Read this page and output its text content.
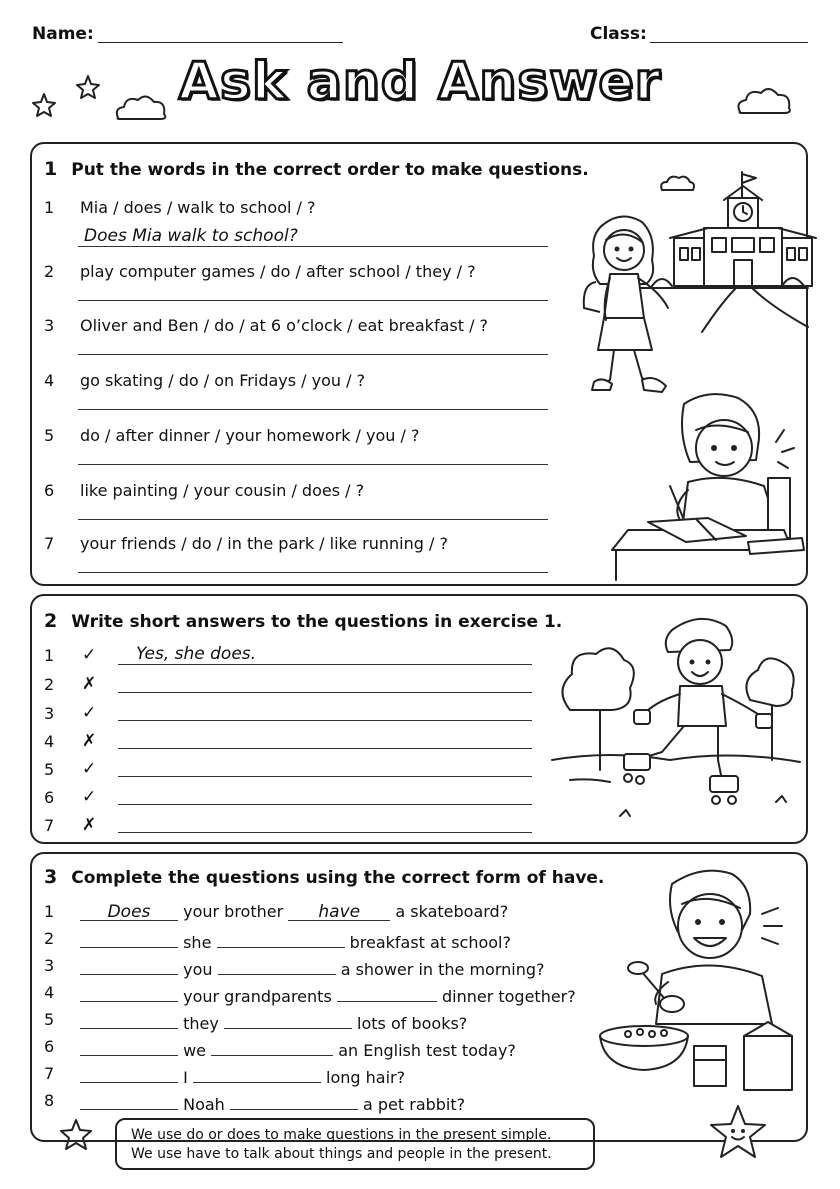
Name:	Class:
Ask and Answer
1 Put the words in the correct order to make questions.
1 Mia / does / walk to school / ?
Does Mia walk to school?
2 play computer games / do / after school / they / ?
3 Oliver and Ben / do / at 6 o’clock / eat breakfast / ?
4 go skating / do / on Fridays / you / ?
5 do / after dinner / your homework / you / ?
6 like painting / your cousin / does / ?
7 your friends / do / in the park / like running / ?
2 Write short answers to the questions in exercise 1.
1 ✓ Yes, she does.
2 ✗
3 ✓
4 ✗
5 ✓
6 ✓
7 ✗
3 Complete the questions using the correct form of have.
1	Does your brother have a skateboard?
2	she	breakfast at school?
3	you	a shower in the morning?
4	your grandparents	dinner together?
5	they	lots of books?
6	we	an English test today?
7	I	long hair?
8	Noah	a pet rabbit?
We use do or does to make questions in the present simple.
We use have to talk about things and people in the present.
